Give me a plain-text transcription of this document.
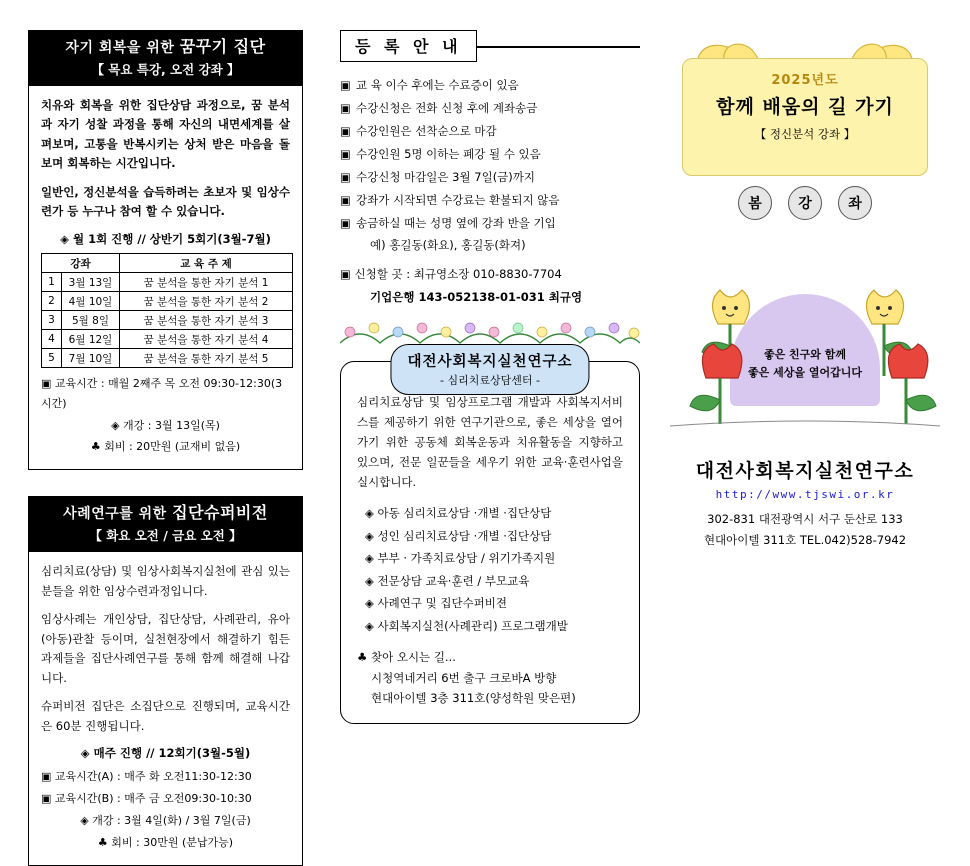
자기 회복을 위한 꿈꾸기 집단
【 목요 특강, 오전 강좌 】

치유와 회복을 위한 집단상담 과정으로, 꿈 분석과 자기 성찰 과정을 통해 자신의 내면세계를 살펴보며, 고통을 반복시키는 상처 받은 마음을 돌보며 회복하는 시간입니다.

일반인, 정신분석을 습득하려는 초보자 및 임상수련가 등 누구나 참여 할 수 있습니다.

◈ 월 1회 진행 // 상반기 5회기(3월-7월)
강좌		교 육 주 제
1	3월 13일	꿈 분석을 통한 자기 분석 1
2	4월 10일	꿈 분석을 통한 자기 분석 2
3	5월 8일	꿈 분석을 통한 자기 분석 3
4	6월 12일	꿈 분석을 통한 자기 분석 4
5	7월 10일	꿈 분석을 통한 자기 분석 5
▣ 교육시간 : 매월 2째주 목 오전 09:30-12:30(3시간)
◈ 개강 : 3월 13일(목)
♣ 회비 : 20만원 (교재비 없음)
사례연구를 위한 집단슈퍼비전
【 화요 오전 / 금요 오전 】

심리치료(상담) 및 임상사회복지실천에 관심 있는 분들을 위한 임상수련과정입니다.

임상사례는 개인상담, 집단상담, 사례관리, 유아(아동)관찰 등이며, 실천현장에서 해결하기 힘든 과제들을 집단사례연구를 통해 함께 해결해 나갑니다.

슈퍼비전 집단은 소집단으로 진행되며, 교육시간은 60분 진행됩니다.

◈ 매주 진행 // 12회기(3월-5월)
▣ 교육시간(A) : 매주 화 오전11:30-12:30
▣ 교육시간(B) : 매주 금 오전09:30-10:30
◈ 개강 : 3월 4일(화) / 3월 7일(금)
♣ 회비 : 30만원 (분납가능)
등 록 안 내
▣ 교 육 이수 후에는 수료증이 있음
▣ 수강신청은 전화 신청 후에 계좌송금
▣ 수강인원은 선착순으로 마감
▣ 수강인원 5명 이하는 폐강 될 수 있음
▣ 수강신청 마감일은 3월 7일(금)까지
▣ 강좌가 시작되면 수강료는 환불되지 않음
▣ 송금하실 때는 성명 옆에 강좌 반을 기입
예) 홍길동(화요), 홍길동(화져)
▣ 신청할 곳 : 최규영소장 010-8830-7704
기업은행 143-052138-01-031 최규영
대전사회복지실천연구소
- 심리치료상담센터 -

심리치료상담 및 임상프로그램 개발과 사회복지서비스를 제공하기 위한 연구기관으로, 좋은 세상을 열어가기 위한 공동체 회복운동과 치유활동을 지향하고 있으며, 전문 일꾼들을 세우기 위한 교육·훈련사업을 실시합니다.

◈ 아동 심리치료상담 ·개별 ·집단상담
◈ 성인 심리치료상담 ·개별 ·집단상담
◈ 부부 · 가족치료상담 / 위기가족지원
◈ 전문상담 교육·훈련 / 부모교육
◈ 사례연구 및 집단수퍼비젼
◈ 사회복지실천(사례관리) 프로그램개발
♣ 찾아 오시는 길...
시청역네거리 6번 출구 크로바A 방향
현대아이텔 3층 311호(양성학원 맞은편)
2025년도
함께 배움의 길 가기
【 정신분석 강좌 】
봄	강	좌
좋은 친구와 함께
좋은 세상을 열어갑니다
대전사회복지실천연구소
http://www.tjswi.or.kr
302-831 대전광역시 서구 둔산로 133
현대아이텔 311호 TEL.042)528-7942
